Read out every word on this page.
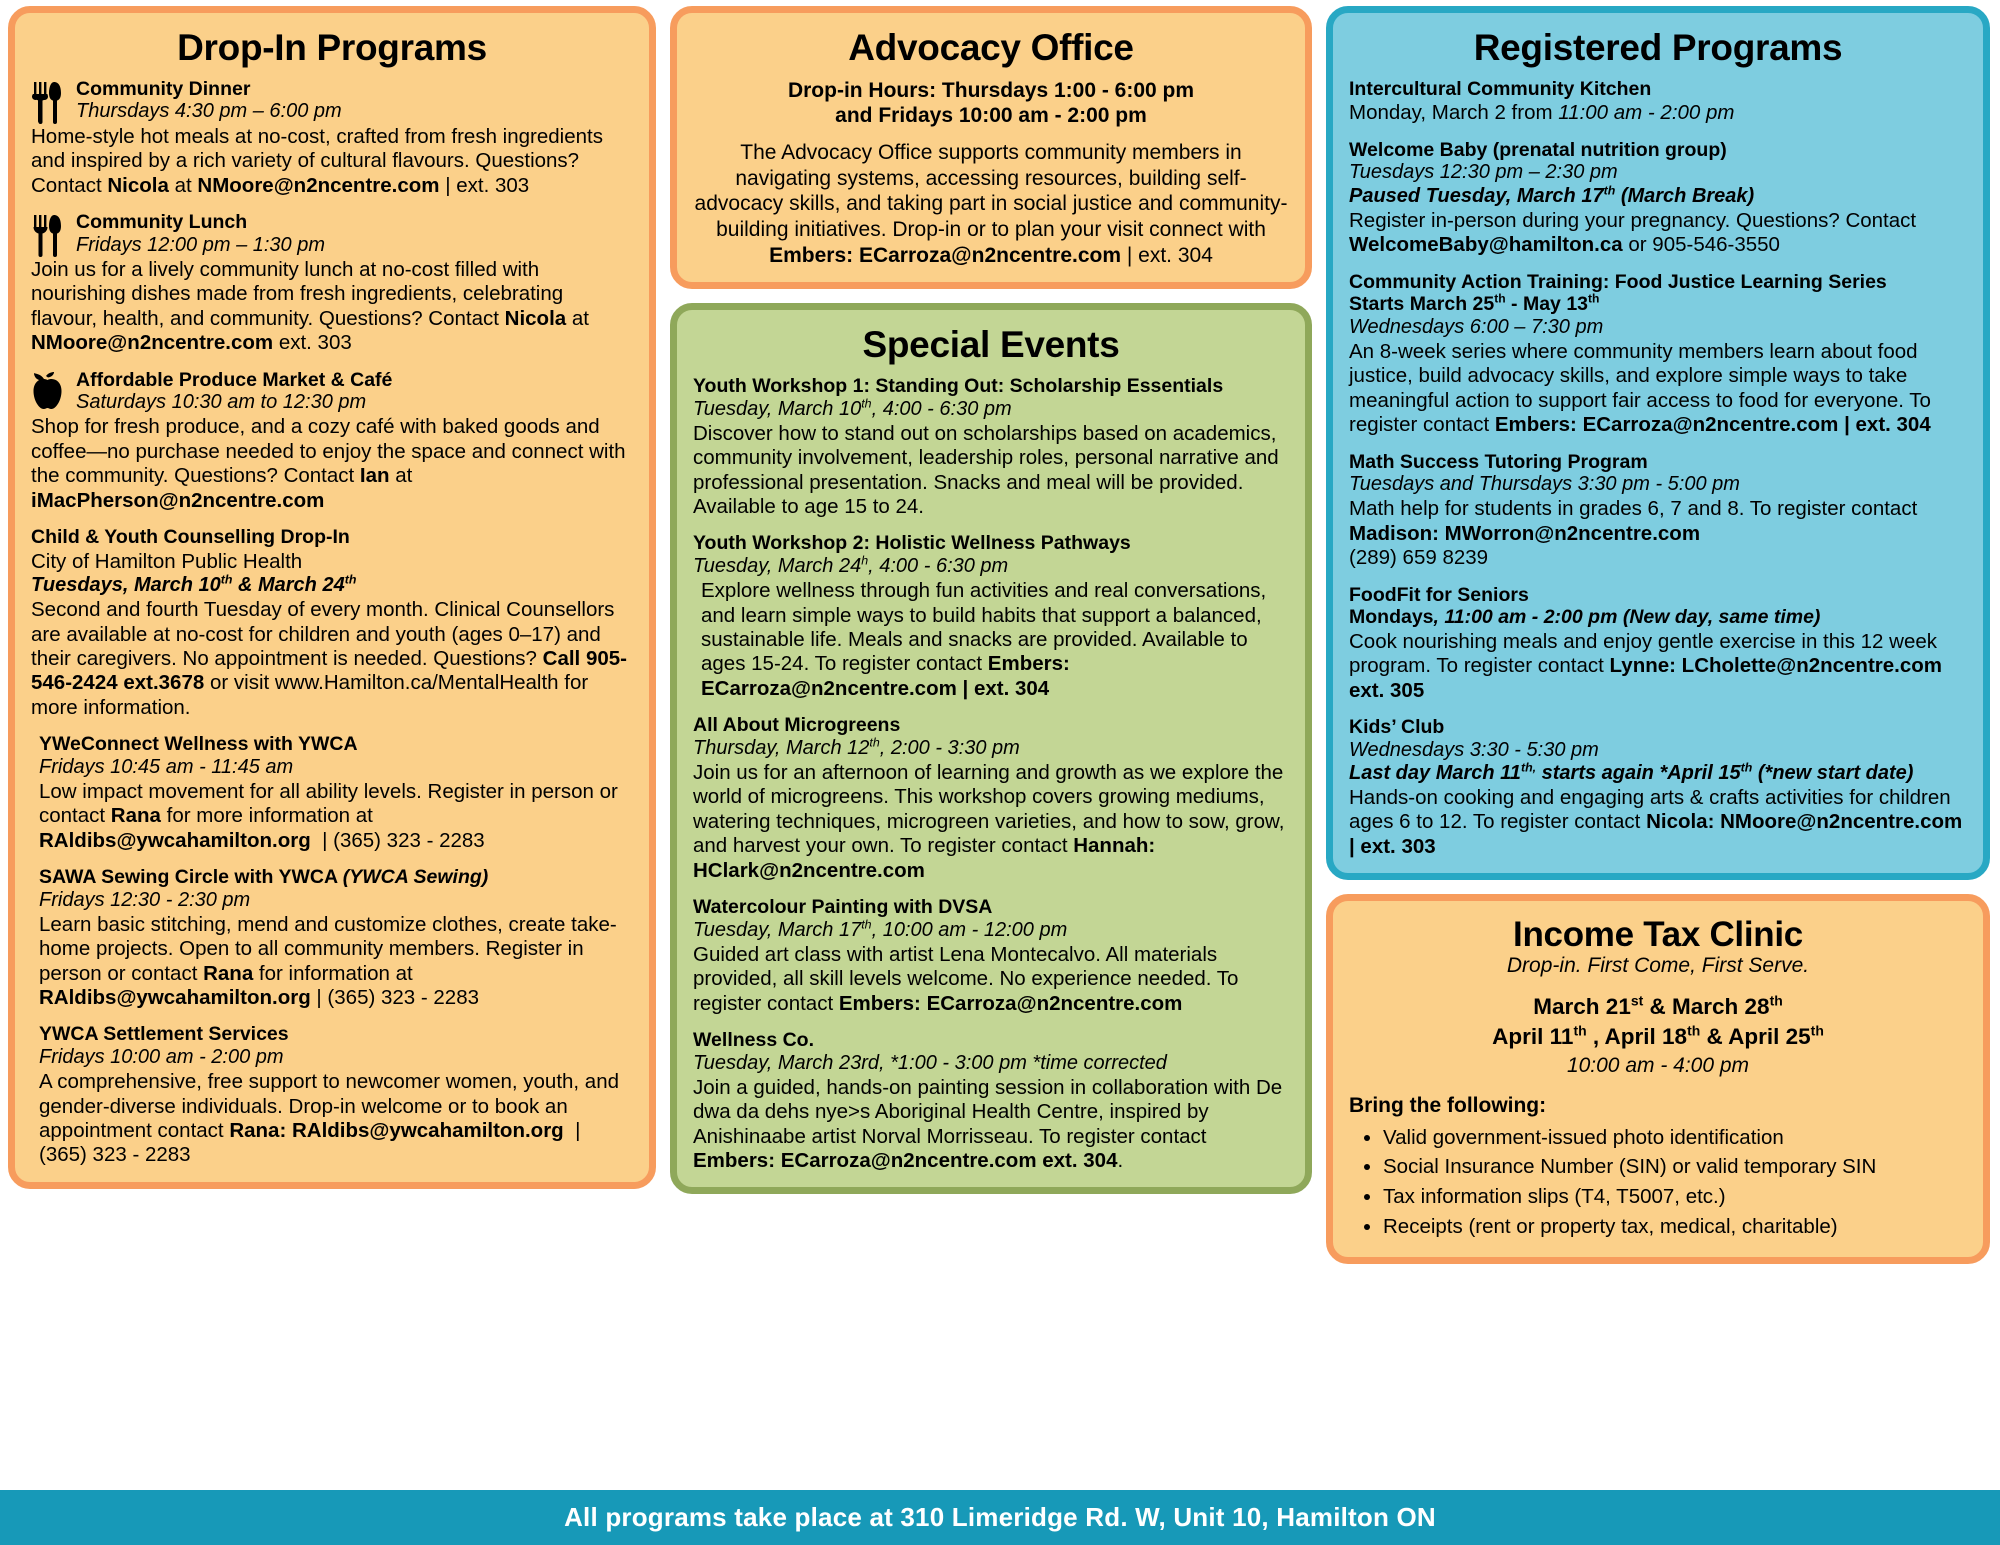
Drop-In Programs
Community Dinner
Thursdays 4:30 pm – 6:00 pm
Home-style hot meals at no-cost, crafted from fresh ingredients and inspired by a rich variety of cultural flavours. Questions? Contact Nicola at NMoore@n2ncentre.com | ext. 303
Community Lunch
Fridays 12:00 pm – 1:30 pm
Join us for a lively community lunch at no-cost filled with nourishing dishes made from fresh ingredients, celebrating flavour, health, and community. Questions? Contact Nicola at NMoore@n2ncentre.com ext. 303
Affordable Produce Market & Café
Saturdays 10:30 am to 12:30 pm
Shop for fresh produce, and a cozy café with baked goods and coffee—no purchase needed to enjoy the space and connect with the community. Questions? Contact Ian at iMacPherson@n2ncentre.com
Child & Youth Counselling Drop-In
City of Hamilton Public Health
Tuesdays, March 10th & March 24th
Second and fourth Tuesday of every month. Clinical Counsellors are available at no-cost for children and youth (ages 0–17) and their caregivers. No appointment is needed. Questions? Call 905-546-2424 ext.3678 or visit www.Hamilton.ca/MentalHealth for more information.
YWeConnect Wellness with YWCA
Fridays 10:45 am - 11:45 am
Low impact movement for all ability levels. Register in person or contact Rana for more information at RAldibs@ywcahamilton.org  | (365) 323 - 2283
SAWA Sewing Circle with YWCA (YWCA Sewing)
Fridays 12:30 - 2:30 pm
Learn basic stitching, mend and customize clothes, create take-home projects. Open to all community members. Register in person or contact Rana for information at RAldibs@ywcahamilton.org | (365) 323 - 2283
YWCA Settlement Services
Fridays 10:00 am - 2:00 pm
A comprehensive, free support to newcomer women, youth, and gender-diverse individuals. Drop-in welcome or to book an appointment contact Rana: RAldibs@ywcahamilton.org  | (365) 323 - 2283
Advocacy Office
Drop-in Hours: Thursdays 1:00 - 6:00 pm
and Fridays 10:00 am - 2:00 pm
The Advocacy Office supports community members in navigating systems, accessing resources, building self-advocacy skills, and taking part in social justice and community-building initiatives. Drop-in or to plan your visit connect with Embers: ECarroza@n2ncentre.com | ext. 304
Special Events
Youth Workshop 1: Standing Out: Scholarship Essentials
Tuesday, March 10th, 4:00 - 6:30 pm
Discover how to stand out on scholarships based on academics, community involvement, leadership roles, personal narrative and professional presentation. Snacks and meal will be provided. Available to age 15 to 24.
Youth Workshop 2: Holistic Wellness Pathways
Tuesday, March 24$^h$, 4:00 - 6:30 pm
Explore wellness through fun activities and real conversations, and learn simple ways to build habits that support a balanced, sustainable life. Meals and snacks are provided. Available to ages 15-24. To register contact Embers: ECarroza@n2ncentre.com | ext. 304
All About Microgreens
Thursday, March 12th, 2:00 - 3:30 pm
Join us for an afternoon of learning and growth as we explore the world of microgreens. This workshop covers growing mediums, watering techniques, microgreen varieties, and how to sow, grow, and harvest your own. To register contact Hannah: HClark@n2ncentre.com
Watercolour Painting with DVSA
Tuesday, March 17th, 10:00 am - 12:00 pm
Guided art class with artist Lena Montecalvo. All materials provided, all skill levels welcome. No experience needed. To register contact Embers: ECarroza@n2ncentre.com
Wellness Co.
Tuesday, March 23rd, *1:00 - 3:00 pm *time corrected
Join a guided, hands-on painting session in collaboration with De dwa da dehs nye>s Aboriginal Health Centre, inspired by Anishinaabe artist Norval Morrisseau. To register contact Embers: ECarroza@n2ncentre.com ext. 304.
Registered Programs
Intercultural Community Kitchen
Monday, March 2 from 11:00 am - 2:00 pm
Welcome Baby (prenatal nutrition group)
Tuesdays 12:30 pm – 2:30 pm
Paused Tuesday, March 17th (March Break)
Register in-person during your pregnancy. Questions? Contact WelcomeBaby@hamilton.ca or 905-546-3550
Community Action Training: Food Justice Learning Series
Starts March 25th - May 13th
Wednesdays 6:00 – 7:30 pm
An 8-week series where community members learn about food justice, build advocacy skills, and explore simple ways to take meaningful action to support fair access to food for everyone. To register contact Embers: ECarroza@n2ncentre.com | ext. 304
Math Success Tutoring Program
Tuesdays and Thursdays 3:30 pm - 5:00 pm
Math help for students in grades 6, 7 and 8. To register contact Madison: MWorron@n2ncentre.com
(289) 659 8239
FoodFit for Seniors
Mondays, 11:00 am - 2:00 pm (New day, same time)
Cook nourishing meals and enjoy gentle exercise in this 12 week program. To register contact Lynne: LCholette@n2ncentre.com ext. 305
Kids’ Club
Wednesdays 3:30 - 5:30 pm
Last day March $11^{th,}$ starts again *April 15th (*new start date)
Hands-on cooking and engaging arts & crafts activities for children ages 6 to 12. To register contact Nicola: NMoore@n2ncentre.com | ext. 303
Income Tax Clinic
Drop-in. First Come, First Serve.
March 21st & March 28th
April 11th , April 18th & April 25th
10:00 am - 4:00 pm
Bring the following:
• Valid government-issued photo identification
• Social Insurance Number (SIN) or valid temporary SIN
• Tax information slips (T4, T5007, etc.)
• Receipts (rent or property tax, medical, charitable)
All programs take place at 310 Limeridge Rd. W, Unit 10, Hamilton ON
